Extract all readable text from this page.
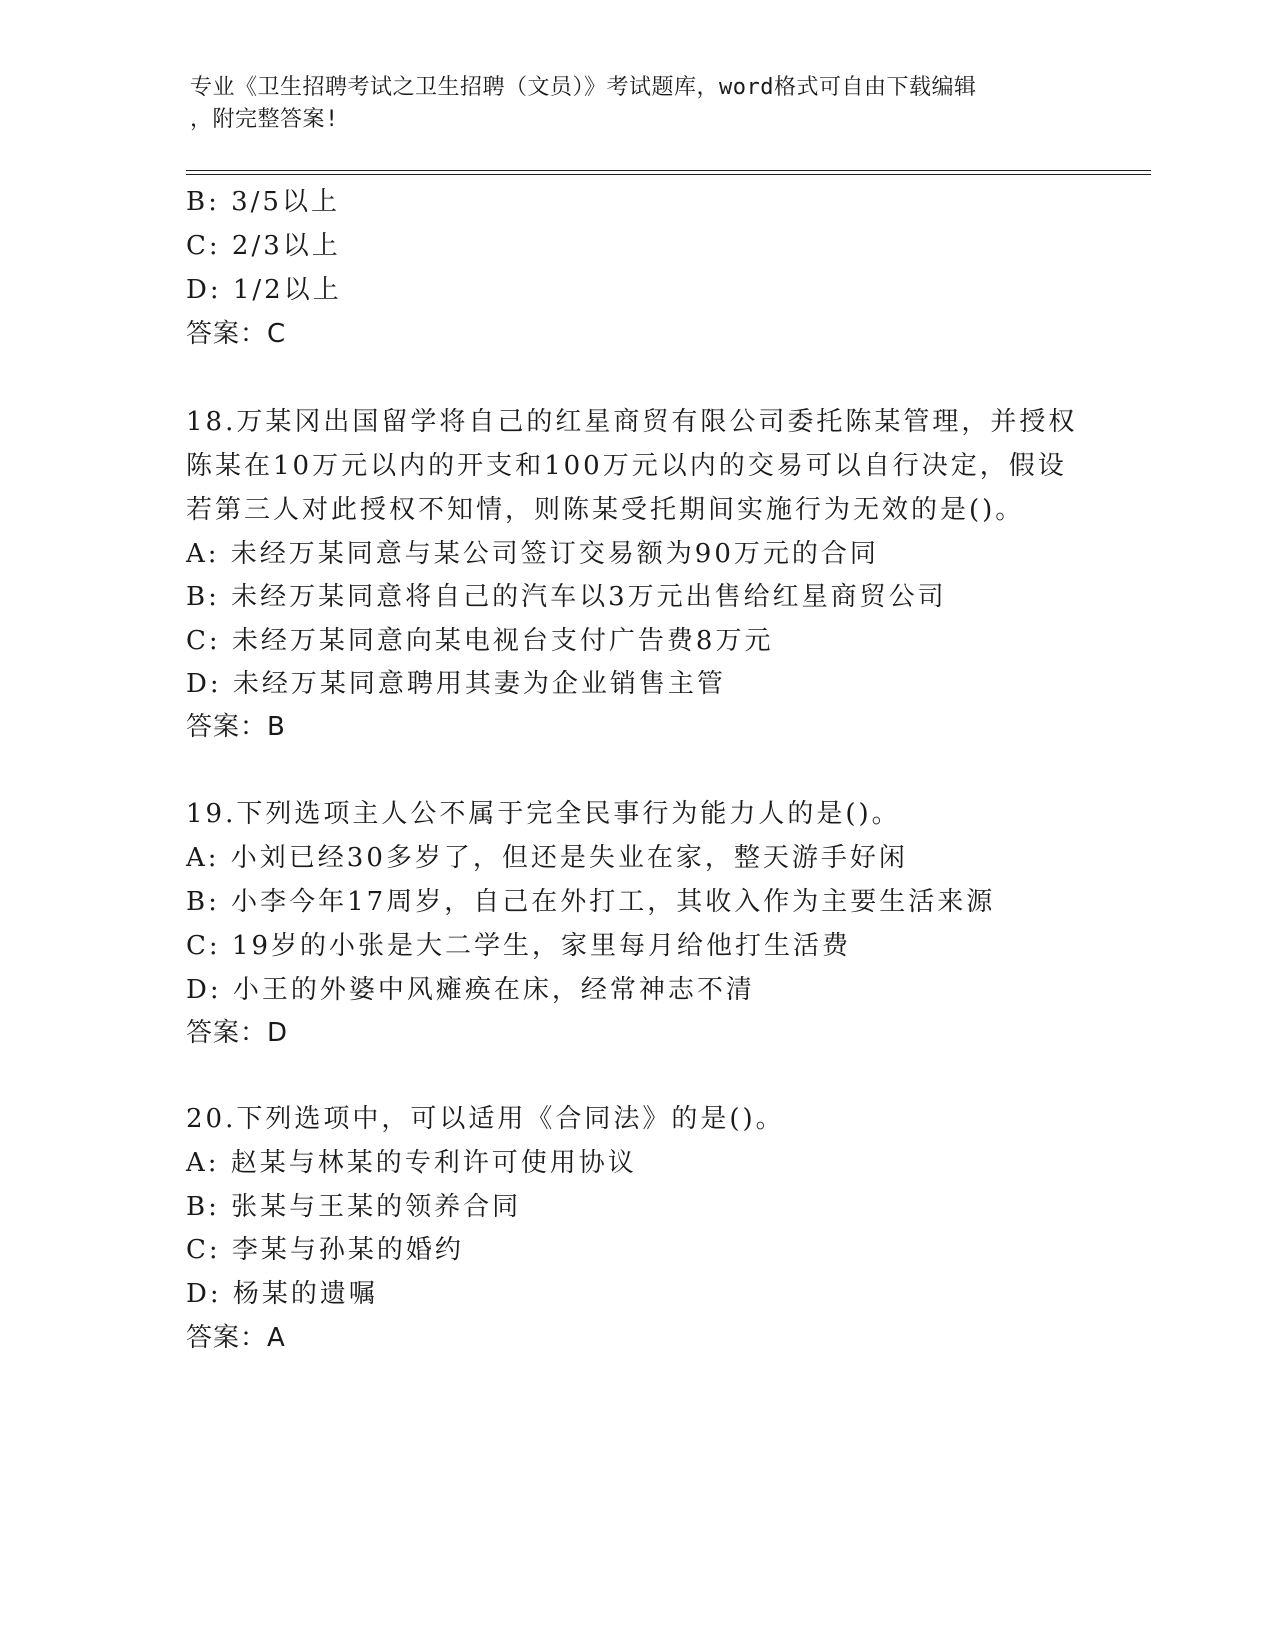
专业《卫生招聘考试之卫生招聘（文员）》考试题库，word格式可自由下载编辑
，附完整答案!
B: 3/5以上
C: 2/3以上
D: 1/2以上
答案：C
18.万某冈出国留学将自己的红星商贸有限公司委托陈某管理，并授权
陈某在10万元以内的开支和100万元以内的交易可以自行决定，假设
若第三人对此授权不知情，则陈某受托期间实施行为无效的是()。
A: 未经万某同意与某公司签订交易额为90万元的合同
B: 未经万某同意将自己的汽车以3万元出售给红星商贸公司
C: 未经万某同意向某电视台支付广告费8万元
D: 未经万某同意聘用其妻为企业销售主管
答案：B
19.下列选项主人公不属于完全民事行为能力人的是()。
A: 小刘已经30多岁了，但还是失业在家，整天游手好闲
B: 小李今年17周岁，自己在外打工，其收入作为主要生活来源
C: 19岁的小张是大二学生，家里每月给他打生活费
D: 小王的外婆中风瘫痪在床，经常神志不清
答案：D
20.下列选项中，可以适用《合同法》的是()。
A: 赵某与林某的专利许可使用协议
B: 张某与王某的领养合同
C: 李某与孙某的婚约
D: 杨某的遗嘱
答案：A
